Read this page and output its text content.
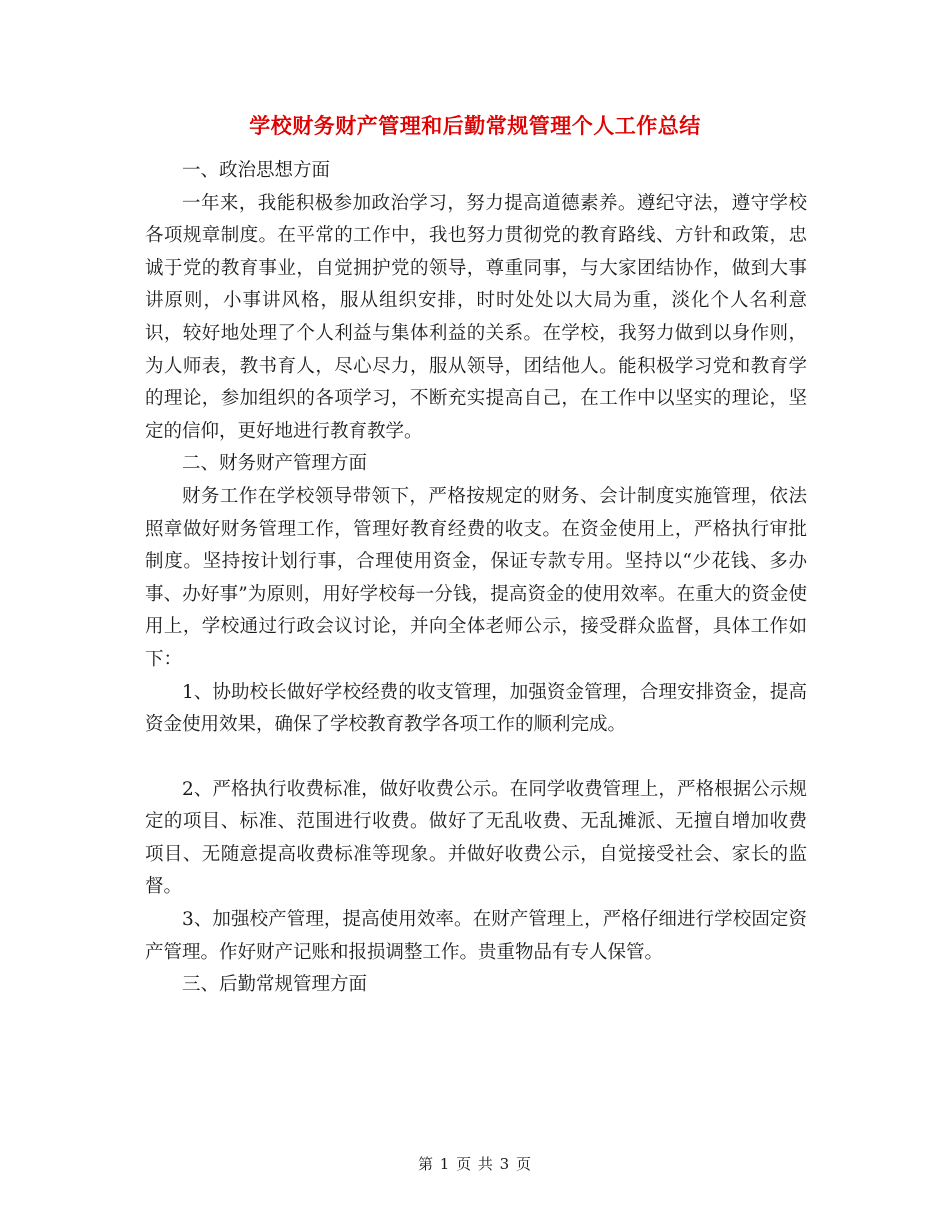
学校财务财产管理和后勤常规管理个人工作总结

一、政治思想方面

一年来，我能积极参加政治学习，努力提高道德素养。遵纪守法，遵守学校各项规章制度。在平常的工作中，我也努力贯彻党的教育路线、方针和政策，忠诚于党的教育事业，自觉拥护党的领导，尊重同事，与大家团结协作，做到大事讲原则，小事讲风格，服从组织安排，时时处处以大局为重，淡化个人名利意识，较好地处理了个人利益与集体利益的关系。在学校，我努力做到以身作则，为人师表，教书育人，尽心尽力，服从领导，团结他人。能积极学习党和教育学的理论，参加组织的各项学习，不断充实提高自己，在工作中以坚实的理论，坚定的信仰，更好地进行教育教学。

二、财务财产管理方面

财务工作在学校领导带领下，严格按规定的财务、会计制度实施管理，依法照章做好财务管理工作，管理好教育经费的收支。在资金使用上，严格执行审批制度。坚持按计划行事，合理使用资金，保证专款专用。坚持以“少花钱、多办事、办好事”为原则，用好学校每一分钱，提高资金的使用效率。在重大的资金使用上，学校通过行政会议讨论，并向全体老师公示，接受群众监督，具体工作如下：

1、协助校长做好学校经费的收支管理，加强资金管理，合理安排资金，提高资金使用效果，确保了学校教育教学各项工作的顺利完成。

2、严格执行收费标准，做好收费公示。在同学收费管理上，严格根据公示规定的项目、标准、范围进行收费。做好了无乱收费、无乱摊派、无擅自增加收费项目、无随意提高收费标准等现象。并做好收费公示，自觉接受社会、家长的监督。

3、加强校产管理，提高使用效率。在财产管理上，严格仔细进行学校固定资产管理。作好财产记账和报损调整工作。贵重物品有专人保管。

三、后勤常规管理方面

第 1 页 共 3 页
